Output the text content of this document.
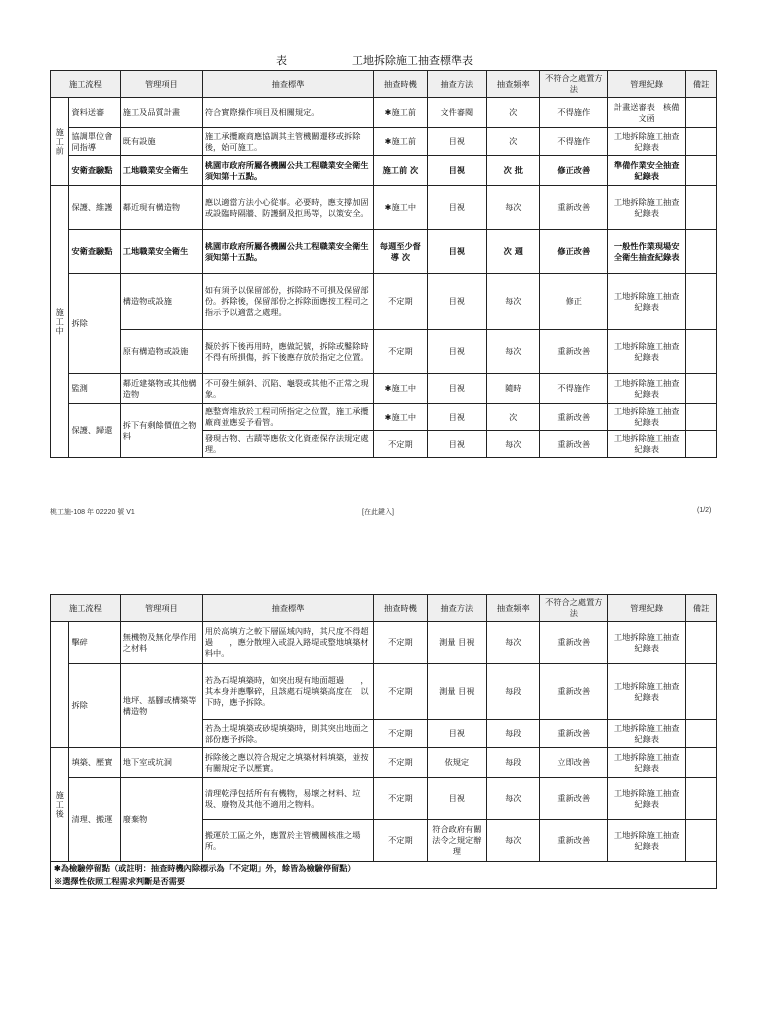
表	工地拆除施工抽查標準表
施工流程		管理項目	抽查標準	抽查時機	抽查方法	抽查頻率	不符合之處置方法	管理紀錄	備註
施工前	資料送審	施工及品質計畫	符合實際操作項目及相關規定。	✱施工前	文件審閱	次	不得施作	計畫送審表　核備文函	
	協調單位會同指導	既有設施	施工承攬廠商應協調其主管機關遷移或拆除後，始可施工。	✱施工前	目視	次	不得施作	工地拆除施工抽查紀錄表	
	安衛查驗點	工地職業安全衛生	桃園市政府所屬各機關公共工程職業安全衛生須知第十五點。	施工前 次	目視	次 批	修正改善	準備作業安全抽查紀錄表	
施工中	保護、維護	鄰近現有構造物	應以適當方法小心從事。必要時，應支撐加固或設臨時隔牆、防護網及拒馬等，以策安全。	✱施工中	目視	每次	重新改善	工地拆除施工抽查紀錄表	
	安衛查驗點	工地職業安全衛生	桃園市政府所屬各機關公共工程職業安全衛生須知第十五點。	每週至少督導 次	目視	次 週	修正改善	一般性作業現場安全衛生抽查紀錄表	
	拆除	構造物或設施	如有須予以保留部份，拆除時不可損及保留部份。拆除後，保留部份之拆除面應按工程司之指示予以適當之處理。	不定期	目視	每次	修正	工地拆除施工抽查紀錄表	
		原有構造物或設施	擬於拆下後再用時，應做記號，拆除或鑿除時不得有所損傷，拆下後應存放於指定之位置。	不定期	目視	每次	重新改善	工地拆除施工抽查紀錄表	
	監測	鄰近建築物或其他構造物	不可發生傾斜、沉陷、龜裂或其他不正常之現象。	✱施工中	目視	隨時	不得施作	工地拆除施工抽查紀錄表	
	保護、歸還	拆下有剩餘價值之物料	應整齊堆放於工程司所指定之位置，施工承攬廠商並應妥予看管。	✱施工中	目視	次	重新改善	工地拆除施工抽查紀錄表	
			發現古物、古蹟等應依文化資產保存法規定處理。	不定期	目視	每次	重新改善	工地拆除施工抽查紀錄表	
桃工施-108 年 02220 號 V1	[在此鍵入]	(1/2)
施工流程		管理項目	抽查標準	抽查時機	抽查方法	抽查頻率	不符合之處置方法	管理紀錄	備註
	擊碎	無機物及無化學作用之材料	用於高填方之較下層區域內時，其尺度不得超過　　，應分散埋入或混入路堤或整地填築材料中。	不定期	測量 目視	每次	重新改善	工地拆除施工抽查紀錄表	
	拆除	地坪、基腳或構築等構造物	若為石堤填築時，如突出現有地面超過　　，其本身并應擊碎，且該處石堤填築高度在　以下時，應予拆除。	不定期	測量 目視	每段	重新改善	工地拆除施工抽查紀錄表	
			若為土堤填築或砂堤填築時，則其突出地面之部份應予拆除。	不定期	目視	每段	重新改善	工地拆除施工抽查紀錄表	
施工後	填築、壓實	地下室或坑洞	拆除後之應以符合規定之填築材料填築，並按有關規定予以壓實。	不定期	依規定	每段	立即改善	工地拆除施工抽查紀錄表	
	清理、搬運	廢棄物	清理乾淨包括所有有機物，易壞之材料、垃圾、廢物及其他不適用之物料。	不定期	目視	每次	重新改善	工地拆除施工抽查紀錄表	
			搬運於工區之外，應置於主管機關核准之場所。	不定期	符合政府有關法令之規定辦理	每次	重新改善	工地拆除施工抽查紀錄表	
✱為檢驗停留點（或註明：抽查時機內除標示為「不定期」外，餘皆為檢驗停留點）									
※選擇性依照工程需求判斷是否需要									
